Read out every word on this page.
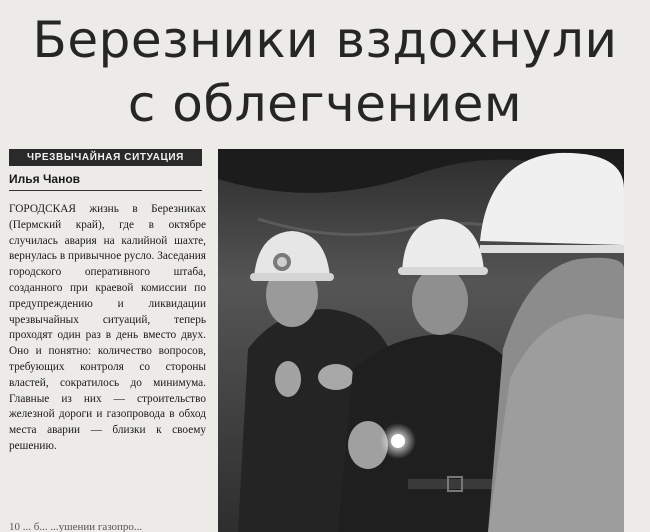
Березники вздохнули
с облегчением
ЧРЕЗВЫЧАЙНАЯ СИТУАЦИЯ
Илья Чанов

ГОРОДСКАЯ жизнь в Березниках (Пермский край), где в октябре случилась авария на калийной шахте, вернулась в привычное русло. Заседания городского оперативного штаба, созданного при краевой комиссии по предупреждению и ликвидации чрезвычайных ситуаций, теперь проходят один раз в день вместо двух. Оно и понятно: количество вопросов, требующих контроля со стороны властей, сократилось до минимума. Главные из них — строительство железной дороги и газопровода в обход места аварии — близки к своему решению.

10 ... б... ...ушении газопро...
